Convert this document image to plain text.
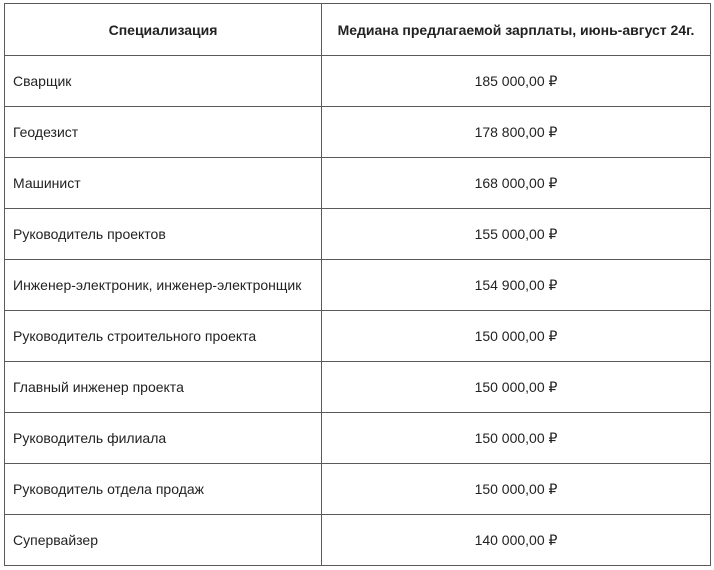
Специализация	Медиана предлагаемой зарплаты, июнь-август 24г.
Сварщик	185 000,00 ₽
Геодезист	178 800,00 ₽
Машинист	168 000,00 ₽
Руководитель проектов	155 000,00 ₽
Инженер-электроник, инженер-электронщик	154 900,00 ₽
Руководитель строительного проекта	150 000,00 ₽
Главный инженер проекта	150 000,00 ₽
Руководитель филиала	150 000,00 ₽
Руководитель отдела продаж	150 000,00 ₽
Супервайзер	140 000,00 ₽
